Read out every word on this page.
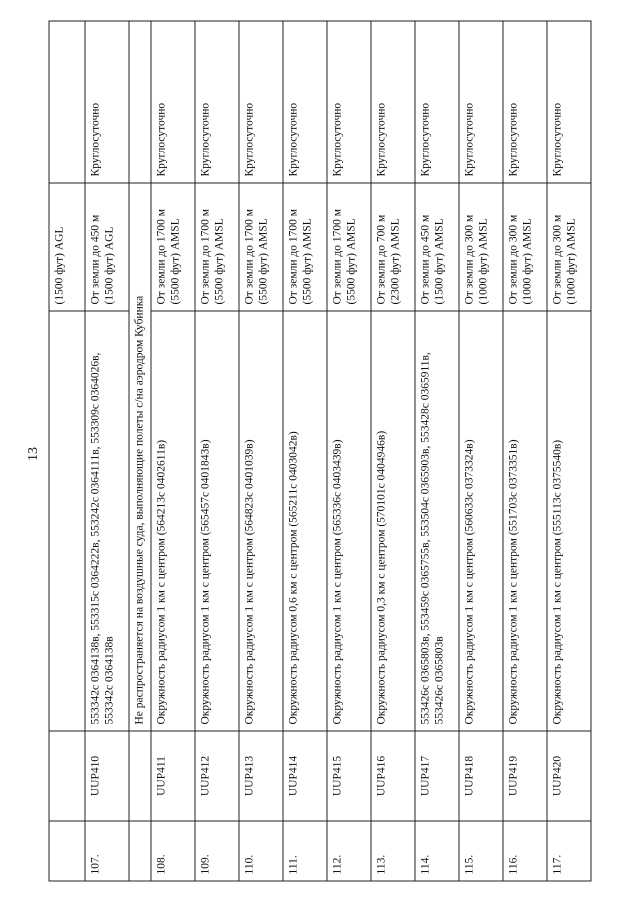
13
			(1500 фут) AGL	
107.	UUP410	553342с 0364138в, 553315с 0364222в, 553242с 0364111в, 553309с 0364026в, 553342с 0364138в	От земли до 450 м (1500 фут) AGL	Круглосуточно
		Не распространяется на воздушные суда, выполняющие полеты с/на аэродром Кубинка		
108.	UUP411	Окружность радиусом 1 км с центром (564213с 0402611в)	От земли до 1700 м (5500 фут) AMSL	Круглосуточно
109.	UUP412	Окружность радиусом 1 км с центром (565457с 0401843в)	От земли до 1700 м (5500 фут) AMSL	Круглосуточно
110.	UUP413	Окружность радиусом 1 км с центром (564823с 0401039в)	От земли до 1700 м (5500 фут) AMSL	Круглосуточно
111.	UUP414	Окружность радиусом 0,6 км с центром (565211с 0403042в)	От земли до 1700 м (5500 фут) AMSL	Круглосуточно
112.	UUP415	Окружность радиусом 1 км с центром (565336с 0403439в)	От земли до 1700 м (5500 фут) AMSL	Круглосуточно
113.	UUP416	Окружность радиусом 0,3 км с центром (570101с 0404946в)	От земли до 700 м (2300 фут) AMSL	Круглосуточно
114.	UUP417	553426с 0365803в, 553459с 0365755в, 553504с 0365903в, 553428с 0365911в, 553426с 0365803в	От земли до 450 м (1500 фут) AMSL	Круглосуточно
115.	UUP418	Окружность радиусом 1 км с центром (560633с 0373324в)	От земли до 300 м (1000 фут) AMSL	Круглосуточно
116.	UUP419	Окружность радиусом 1 км с центром (551703с 0373351в)	От земли до 300 м (1000 фут) AMSL	Круглосуточно
117.	UUP420	Окружность радиусом 1 км с центром (555113с 0375540в)	От земли до 300 м (1000 фут) AMSL	Круглосуточно
